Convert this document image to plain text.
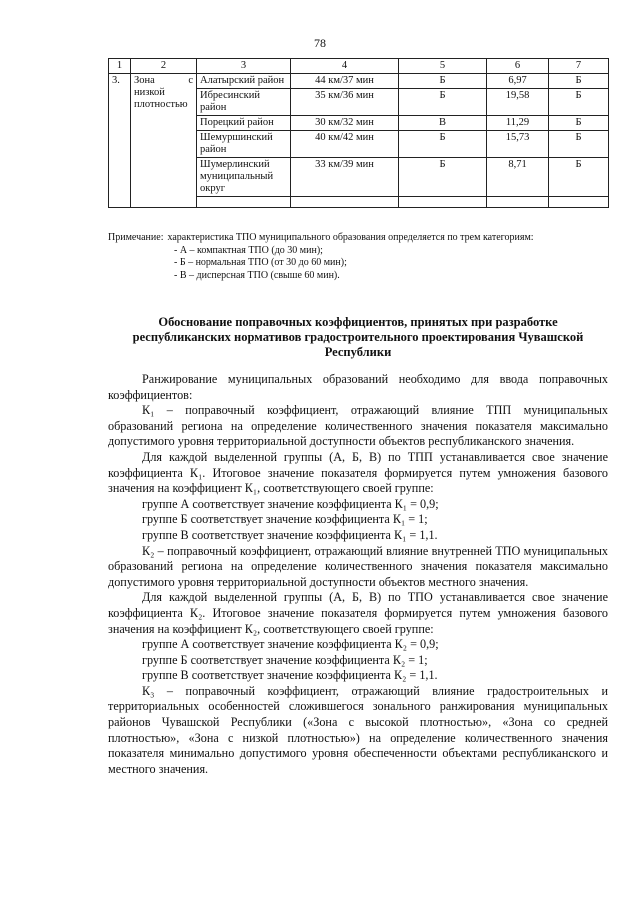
78
1	2	3	4	5	6	7
3.	Зона с низкой плотностью	Алатырский район	44 км/37 мин	Б	6,97	Б
		Ибресинский район	35 км/36 мин	Б	19,58	Б
		Порецкий район	30 км/32 мин	В	11,29	Б
		Шемуршинский район	40 км/42 мин	Б	15,73	Б
		Шумерлинский муниципальный округ	33 км/39 мин	Б	8,71	Б

Примечание: характеристика ТПО муниципального образования определяется по трем категориям:
- А – компактная ТПО (до 30 мин);
- Б – нормальная ТПО (от 30 до 60 мин);
- В – дисперсная ТПО (свыше 60 мин).
Обоснование поправочных коэффициентов, принятых при разработке республиканских нормативов градостроительного проектирования Чувашской Республики

Ранжирование муниципальных образований необходимо для ввода поправочных коэффициентов:

К₁ – поправочный коэффициент, отражающий влияние ТПП муниципальных образований региона на определение количественного значения показателя максимально допустимого уровня территориальной доступности объектов республиканского значения.

Для каждой выделенной группы (А, Б, В) по ТПП устанавливается свое значение коэффициента К₁. Итоговое значение показателя формируется путем умножения базового значения на коэффициент К₁, соответствующего своей группе:

группе А соответствует значение коэффициента К₁ = 0,9;

группе Б соответствует значение коэффициента К₁ = 1;

группе В соответствует значение коэффициента К₁ = 1,1.

К₂ – поправочный коэффициент, отражающий влияние внутренней ТПО муниципальных образований региона на определение количественного значения показателя максимально допустимого уровня территориальной доступности объектов местного значения.

Для каждой выделенной группы (А, Б, В) по ТПО устанавливается свое значение коэффициента К₂. Итоговое значение показателя формируется путем умножения базового значения на коэффициент К₂, соответствующего своей группе:

группе А соответствует значение коэффициента К₂ = 0,9;

группе Б соответствует значение коэффициента К₂ = 1;

группе В соответствует значение коэффициента К₂ = 1,1.

К₃ – поправочный коэффициент, отражающий влияние градостроительных и территориальных особенностей сложившегося зонального ранжирования муниципальных районов Чувашской Республики («Зона с высокой плотностью», «Зона со средней плотностью», «Зона с низкой плотностью») на определение количественного значения показателя минимально допустимого уровня обеспеченности объектами республиканского и местного значения.
